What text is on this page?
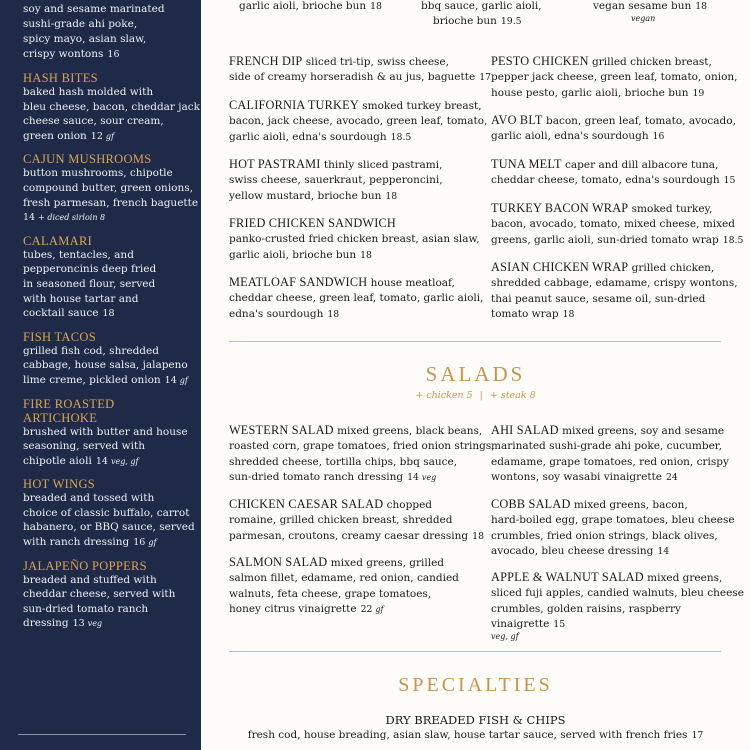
soy and sesame marinated
sushi-grade ahi poke,
spicy mayo, asian slaw,
crispy wontons 16
HASH BITES
baked hash molded with
bleu cheese, bacon, cheddar jack
cheese sauce, sour cream,
green onion 12 gf
CAJUN MUSHROOMS
button mushrooms, chipotle
compound butter, green onions,
fresh parmesan, french baguette
14 + diced sirloin 8
CALAMARI
tubes, tentacles, and
pepperoncinis deep fried
in seasoned flour, served
with house tartar and
cocktail sauce 18
FISH TACOS
grilled fish cod, shredded
cabbage, house salsa, jalapeno
lime creme, pickled onion 14 gf
FIRE ROASTED
ARTICHOKE
brushed with butter and house
seasoning, served with
chipotle aioli 14 veg, gf
HOT WINGS
breaded and tossed with
choice of classic buffalo, carrot
habanero, or BBQ sauce, served
with ranch dressing 16 gf
JALAPEÑO POPPERS
breaded and stuffed with
cheddar cheese, served with
sun-dried tomato ranch
dressing 13 veg
garlic aioli, brioche bun 18	bbq sauce, garlic aioli,
brioche bun 19.5
vegan sesame bun 18
vegan
FRENCH DIP sliced tri-tip, swiss cheese,
side of creamy horseradish & au jus, baguette 17
PESTO CHICKEN grilled chicken breast,
pepper jack cheese, green leaf, tomato, onion,
house pesto, garlic aioli, brioche bun 19
CALIFORNIA TURKEY smoked turkey breast,
bacon, jack cheese, avocado, green leaf, tomato,
garlic aioli, edna's sourdough 18.5
AVO BLT bacon, green leaf, tomato, avocado,
garlic aioli, edna's sourdough 16
HOT PASTRAMI thinly sliced pastrami,
swiss cheese, sauerkraut, pepperoncini,
yellow mustard, brioche bun 18
TUNA MELT caper and dill albacore tuna,
cheddar cheese, tomato, edna's sourdough 15
FRIED CHICKEN SANDWICH
panko-crusted fried chicken breast, asian slaw,
garlic aioli, brioche bun 18
TURKEY BACON WRAP smoked turkey,
bacon, avocado, tomato, mixed cheese, mixed
greens, garlic aioli, sun-dried tomato wrap 18.5
MEATLOAF SANDWICH house meatloaf,
cheddar cheese, green leaf, tomato, garlic aioli,
edna's sourdough 18
ASIAN CHICKEN WRAP grilled chicken,
shredded cabbage, edamame, crispy wontons,
thai peanut sauce, sesame oil, sun-dried
tomato wrap 18
SALADS
+ chicken 5 | + steak 8
WESTERN SALAD mixed greens, black beans,
roasted corn, grape tomatoes, fried onion strings,
shredded cheese, tortilla chips, bbq sauce,
sun-dried tomato ranch dressing 14 veg
AHI SALAD mixed greens, soy and sesame
marinated sushi-grade ahi poke, cucumber,
edamame, grape tomatoes, red onion, crispy
wontons, soy wasabi vinaigrette 24
CHICKEN CAESAR SALAD chopped
romaine, grilled chicken breast, shredded
parmesan, croutons, creamy caesar dressing 18
COBB SALAD mixed greens, bacon,
hard-boiled egg, grape tomatoes, bleu cheese
crumbles, fried onion strings, black olives,
avocado, bleu cheese dressing 14
SALMON SALAD mixed greens, grilled
salmon fillet, edamame, red onion, candied
walnuts, feta cheese, grape tomatoes,
honey citrus vinaigrette 22 gf
APPLE & WALNUT SALAD mixed greens,
sliced fuji apples, candied walnuts, bleu cheese
crumbles, golden raisins, raspberry vinaigrette 15
veg, gf
SPECIALTIES
DRY BREADED FISH & CHIPS
fresh cod, house breading, asian slaw, house tartar sauce, served with french fries 17
